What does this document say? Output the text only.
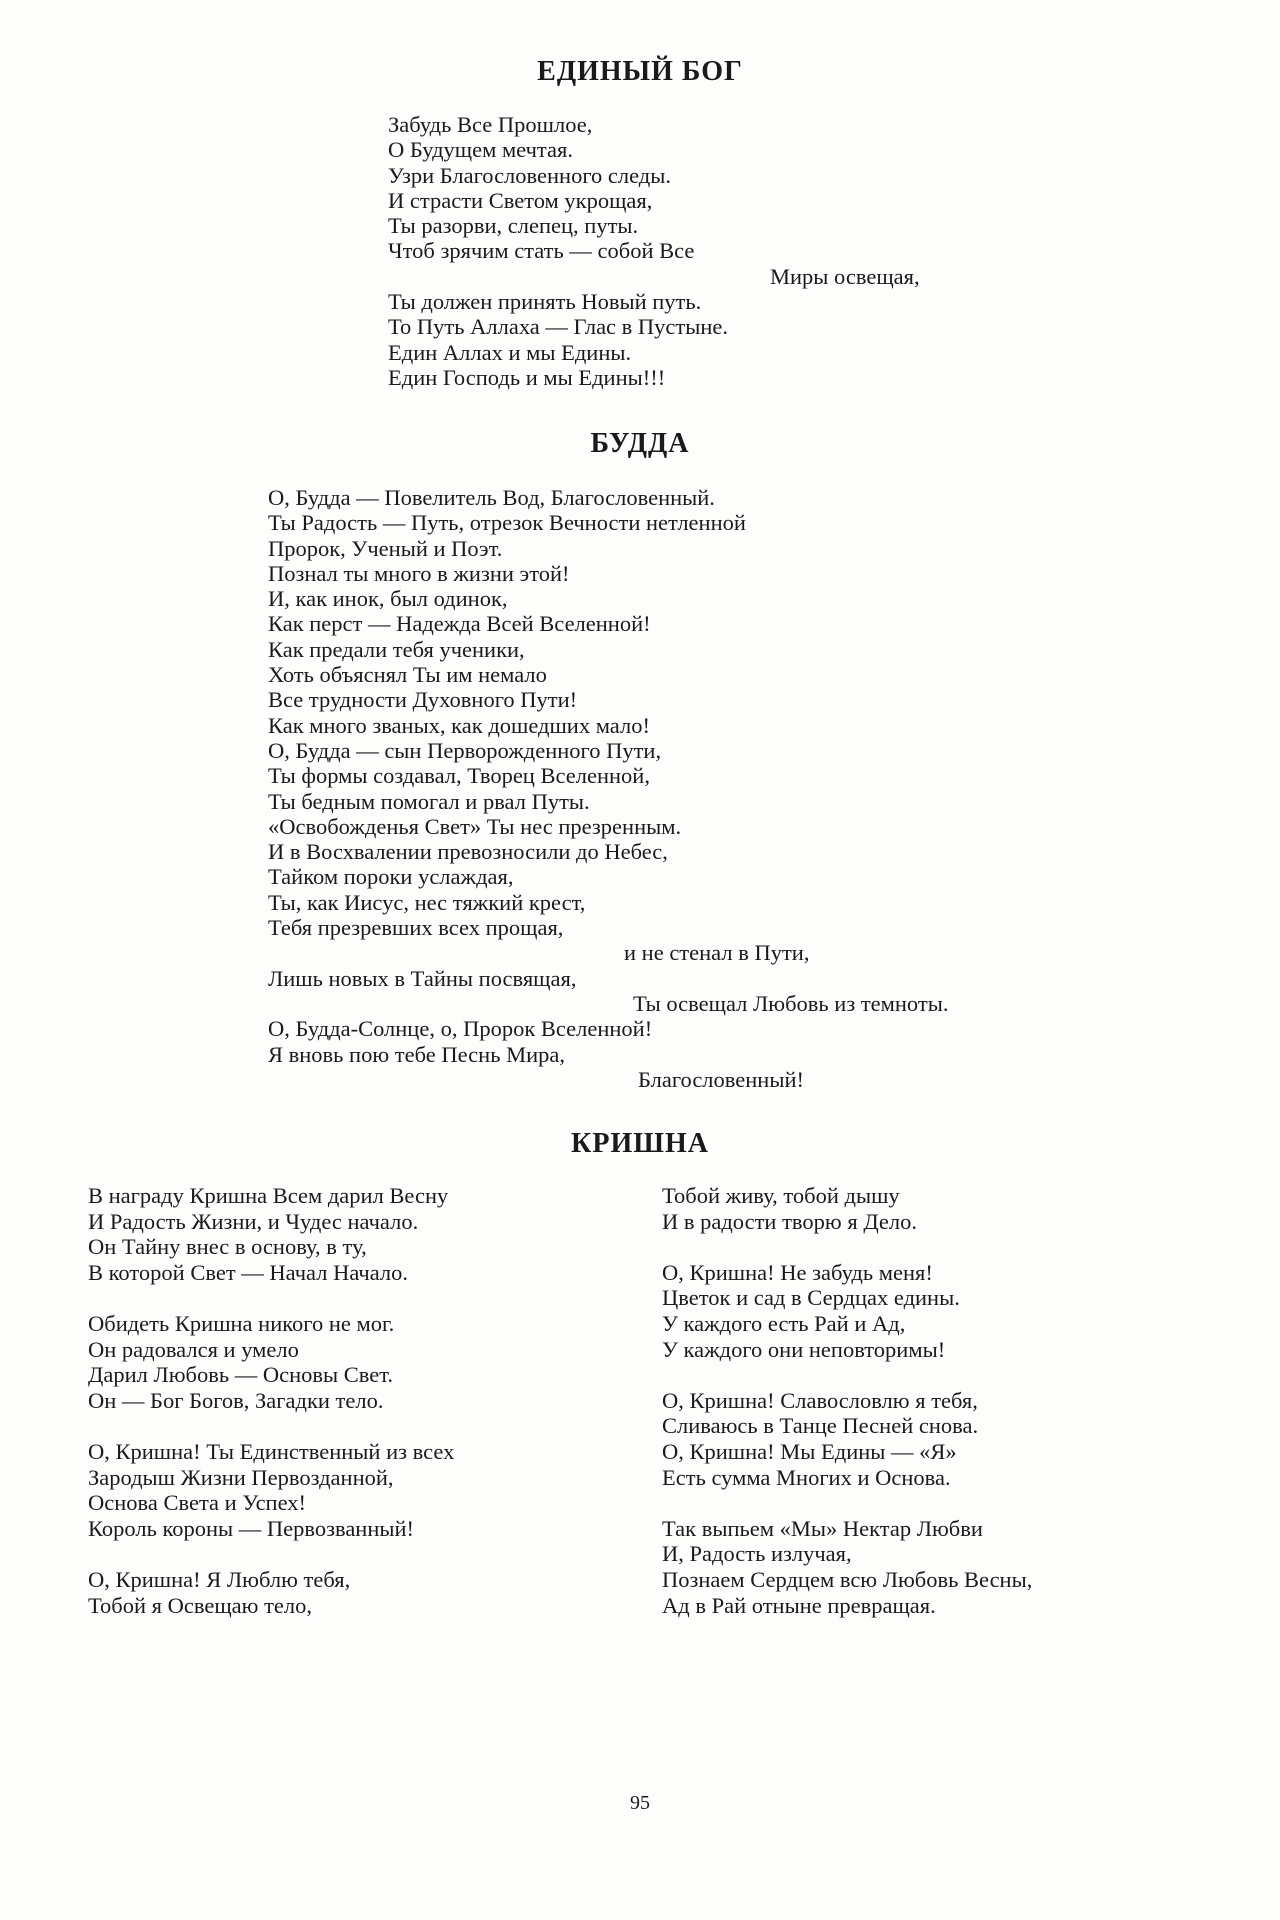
ЕДИНЫЙ БОГ
Забудь Все Прошлое,
О Будущем мечтая.
Узри Благословенного следы.
И страсти Светом укрощая,
Ты разорви, слепец, путы.
Чтоб зрячим стать — собой Все
Миры освещая,
Ты должен принять Новый путь.
То Путь Аллаха — Глас в Пустыне.
Един Аллах и мы Едины.
Един Господь и мы Едины!!!
БУДДА
О, Будда — Повелитель Вод, Благословенный.
Ты Радость — Путь, отрезок Вечности нетленной
Пророк, Ученый и Поэт.
Познал ты много в жизни этой!
И, как инок, был одинок,
Как перст — Надежда Всей Вселенной!
Как предали тебя ученики,
Хоть объяснял Ты им немало
Все трудности Духовного Пути!
Как много званых, как дошедших мало!
О, Будда — сын Перворожденного Пути,
Ты формы создавал, Творец Вселенной,
Ты бедным помогал и рвал Путы.
«Освобожденья Свет» Ты нес презренным.
И в Восхвалении превозносили до Небес,
Тайком пороки услаждая,
Ты, как Иисус, нес тяжкий крест,
Тебя презревших всех прощая,
и не стенал в Пути,
Лишь новых в Тайны посвящая,
Ты освещал Любовь из темноты.
О, Будда-Солнце, о, Пророк Вселенной!
Я вновь пою тебе Песнь Мира,
Благословенный!
КРИШНА
В награду Кришна Всем дарил Весну
И Радость Жизни, и Чудес начало.
Он Тайну внес в основу, в ту,
В которой Свет — Начал Начало.
Обидеть Кришна никого не мог.
Он радовался и умело
Дарил Любовь — Основы Свет.
Он — Бог Богов, Загадки тело.
О, Кришна! Ты Единственный из всех
Зародыш Жизни Первозданной,
Основа Света и Успех!
Король короны — Первозванный!
О, Кришна! Я Люблю тебя,
Тобой я Освещаю тело,
Тобой живу, тобой дышу
И в радости творю я Дело.
О, Кришна! Не забудь меня!
Цветок и сад в Сердцах едины.
У каждого есть Рай и Ад,
У каждого они неповторимы!
О, Кришна! Славословлю я тебя,
Сливаюсь в Танце Песней снова.
О, Кришна! Мы Едины — «Я»
Есть сумма Многих и Основа.
Так выпьем «Мы» Нектар Любви
И, Радость излучая,
Познаем Сердцем всю Любовь Весны,
Ад в Рай отныне превращая.
95
